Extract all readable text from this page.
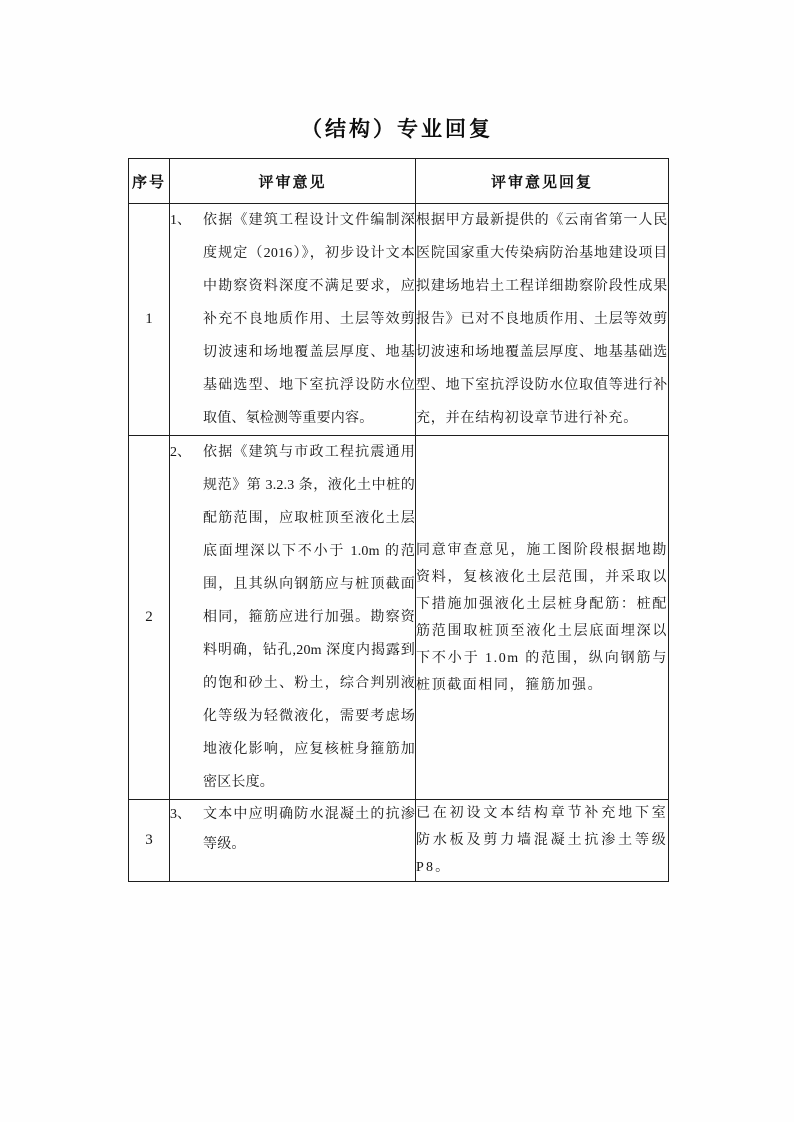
（结构）专业回复
序号	评审意见	评审意见回复
1	1、 依据《建筑工程设计文件编制深度规定（2016）》，初步设计文本中勘察资料深度不满足要求，应补充不良地质作用、土层等效剪切波速和场地覆盖层厚度、地基基础选型、地下室抗浮设防水位取值、氡检测等重要内容。	根据甲方最新提供的《云南省第一人民医院国家重大传染病防治基地建设项目拟建场地岩土工程详细勘察阶段性成果报告》已对不良地质作用、土层等效剪切波速和场地覆盖层厚度、地基基础选型、地下室抗浮设防水位取值等进行补充，并在结构初设章节进行补充。
2	2、 依据《建筑与市政工程抗震通用规范》第 3.2.3 条，液化土中桩的配筋范围，应取桩顶至液化土层底面埋深以下不小于 1.0m 的范围，且其纵向钢筋应与桩顶截面相同，箍筋应进行加强。勘察资料明确，钻孔,20m 深度内揭露到的饱和砂土、粉土，综合判别液化等级为轻微液化，需要考虑场地液化影响，应复核桩身箍筋加密区长度。	同意审查意见，施工图阶段根据地勘资料，复核液化土层范围，并采取以下措施加强液化土层桩身配筋：桩配筋范围取桩顶至液化土层底面埋深以下不小于 1.0m 的范围，纵向钢筋与桩顶截面相同，箍筋加强。
3	3、 文本中应明确防水混凝土的抗渗等级。	已在初设文本结构章节补充地下室防水板及剪力墙混凝土抗渗土等级 P8。
